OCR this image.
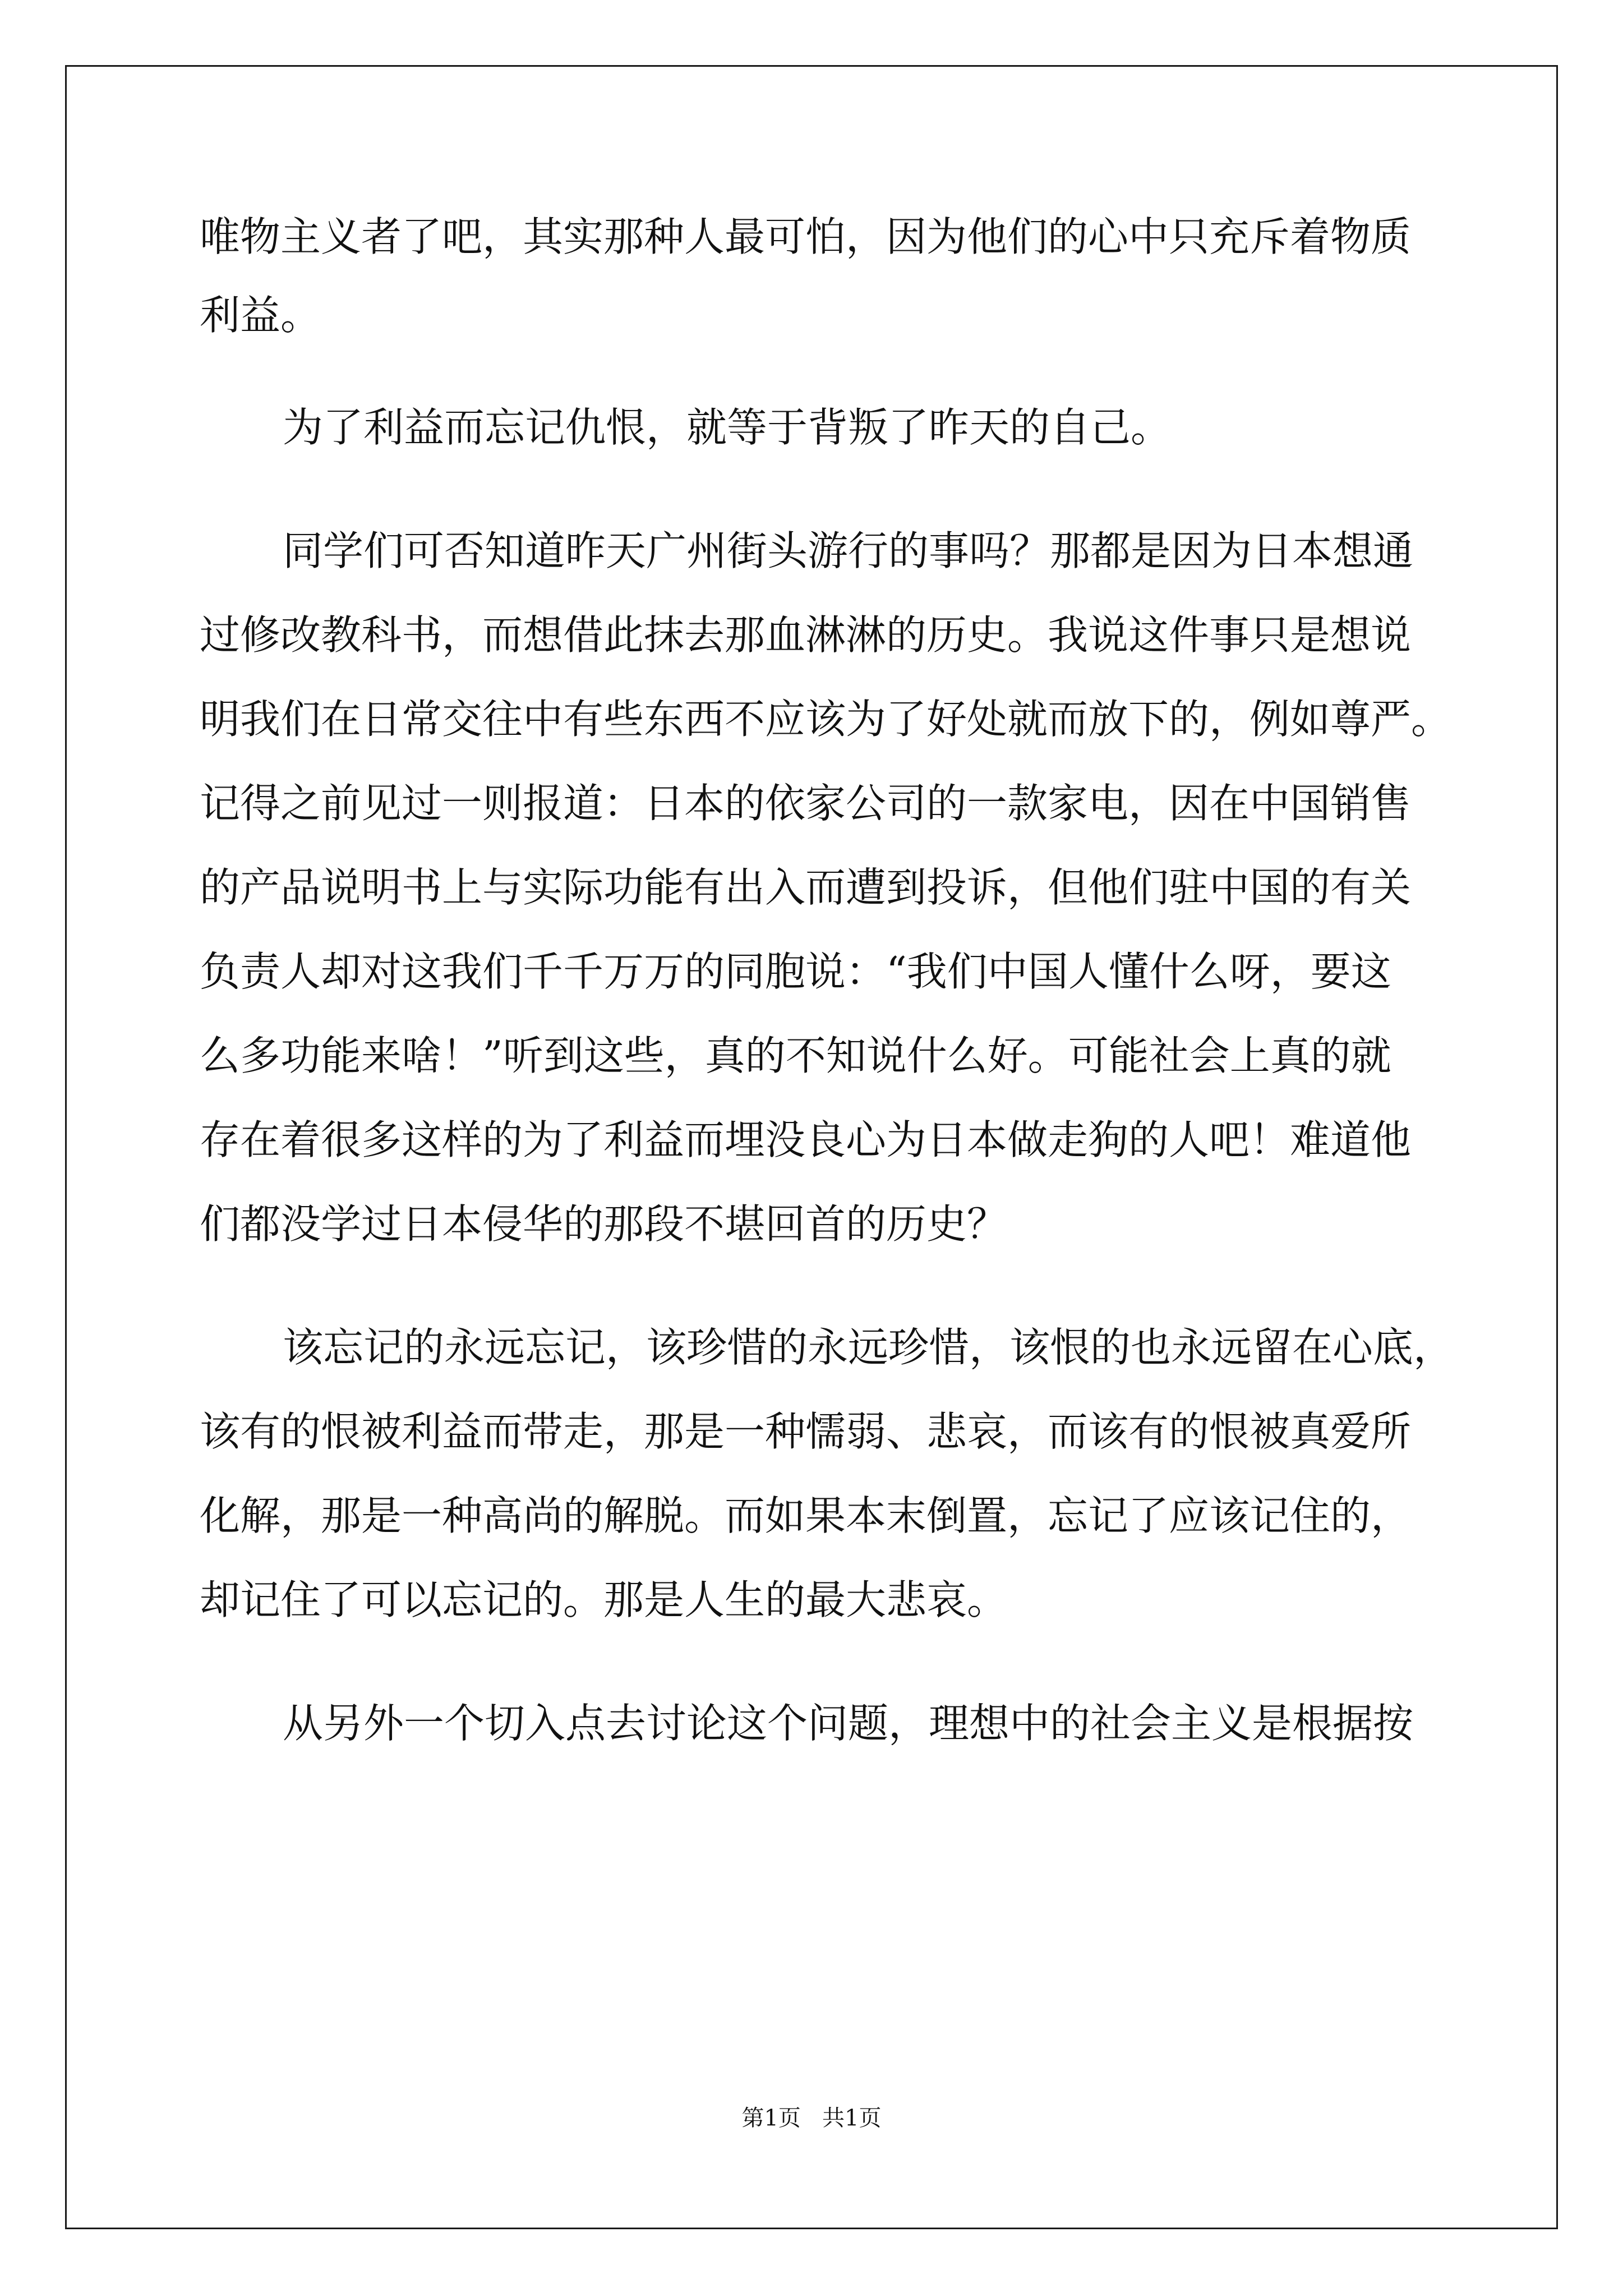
唯物主义者了吧，其实那种人最可怕，因为他们的心中只充斥着物质
利益。
为了利益而忘记仇恨，就等于背叛了昨天的自己。
同学们可否知道昨天广州街头游行的事吗？那都是因为日本想通
过修改教科书，而想借此抹去那血淋淋的历史。我说这件事只是想说
明我们在日常交往中有些东西不应该为了好处就而放下的，例如尊严。
记得之前见过一则报道：日本的依家公司的一款家电，因在中国销售
的产品说明书上与实际功能有出入而遭到投诉，但他们驻中国的有关
负责人却对这我们千千万万的同胞说：“我们中国人懂什么呀，要这
么多功能来啥！”听到这些，真的不知说什么好。可能社会上真的就
存在着很多这样的为了利益而埋没良心为日本做走狗的人吧！难道他
们都没学过日本侵华的那段不堪回首的历史？
该忘记的永远忘记，该珍惜的永远珍惜，该恨的也永远留在心底，
该有的恨被利益而带走，那是一种懦弱、悲哀，而该有的恨被真爱所
化解，那是一种高尚的解脱。而如果本末倒置，忘记了应该记住的，
却记住了可以忘记的。那是人生的最大悲哀。
从另外一个切入点去讨论这个问题，理想中的社会主义是根据按
第1页   共1页
